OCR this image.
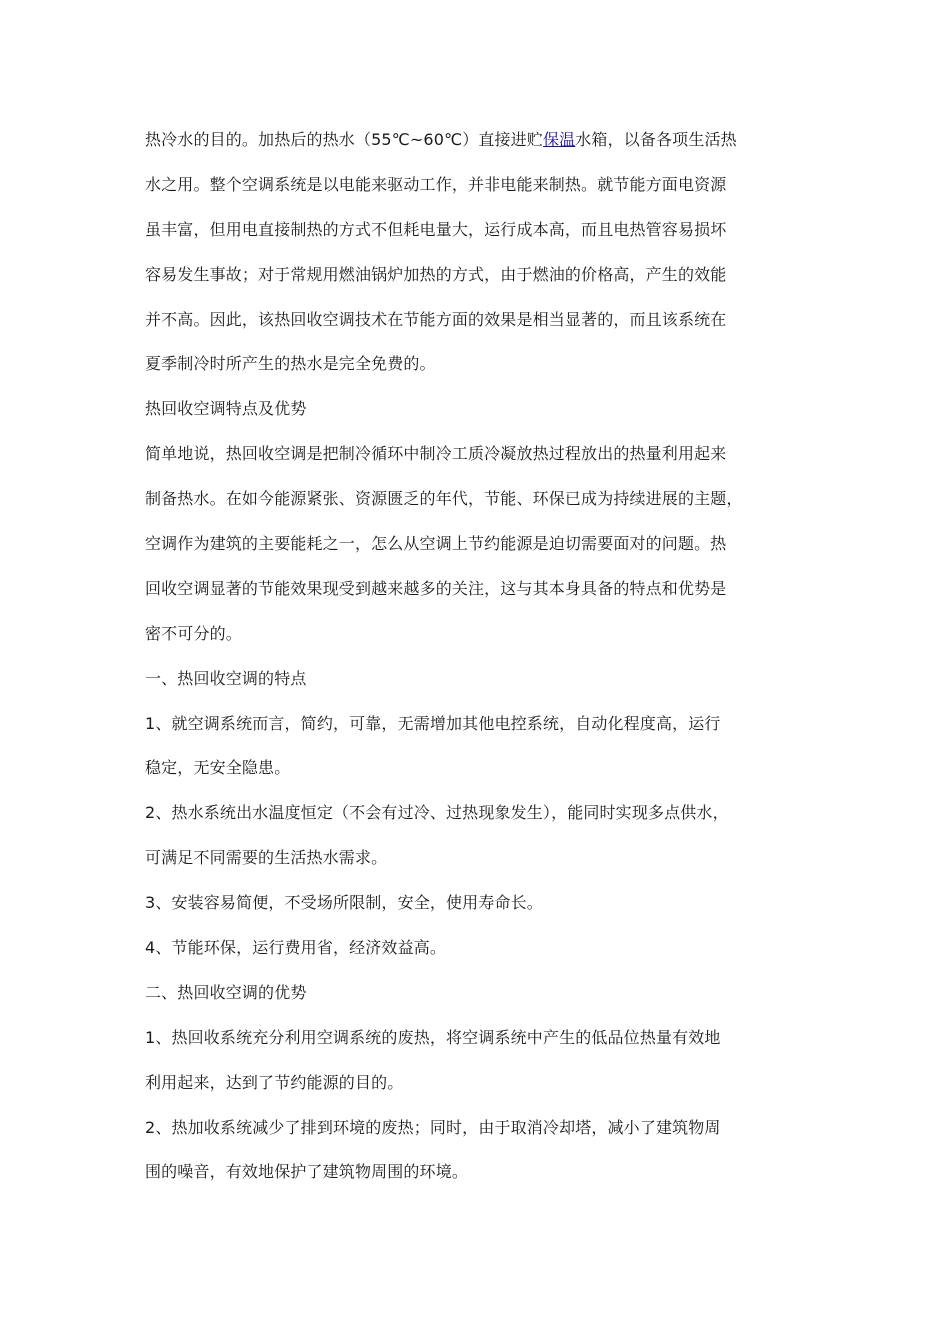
热冷水的目的。加热后的热水（55℃~60℃）直接进贮保温水箱，以备各项生活热
水之用。整个空调系统是以电能来驱动工作，并非电能来制热。就节能方面电资源
虽丰富，但用电直接制热的方式不但耗电量大，运行成本高，而且电热管容易损坏
容易发生事故；对于常规用燃油锅炉加热的方式，由于燃油的价格高，产生的效能
并不高。因此，该热回收空调技术在节能方面的效果是相当显著的，而且该系统在
夏季制冷时所产生的热水是完全免费的。
热回收空调特点及优势
简单地说，热回收空调是把制冷循环中制冷工质冷凝放热过程放出的热量利用起来
制备热水。在如今能源紧张、资源匮乏的年代，节能、环保已成为持续进展的主题，
空调作为建筑的主要能耗之一，怎么从空调上节约能源是迫切需要面对的问题。热
回收空调显著的节能效果现受到越来越多的关注，这与其本身具备的特点和优势是
密不可分的。
一、热回收空调的特点
1、就空调系统而言，简约，可靠，无需增加其他电控系统，自动化程度高，运行
稳定，无安全隐患。
2、热水系统出水温度恒定（不会有过冷、过热现象发生），能同时实现多点供水，
可满足不同需要的生活热水需求。
3、安装容易简便，不受场所限制，安全，使用寿命长。
4、节能环保，运行费用省，经济效益高。
二、热回收空调的优势
1、热回收系统充分利用空调系统的废热，将空调系统中产生的低品位热量有效地
利用起来，达到了节约能源的目的。
2、热加收系统减少了排到环境的废热；同时，由于取消冷却塔，减小了建筑物周
围的噪音，有效地保护了建筑物周围的环境。
